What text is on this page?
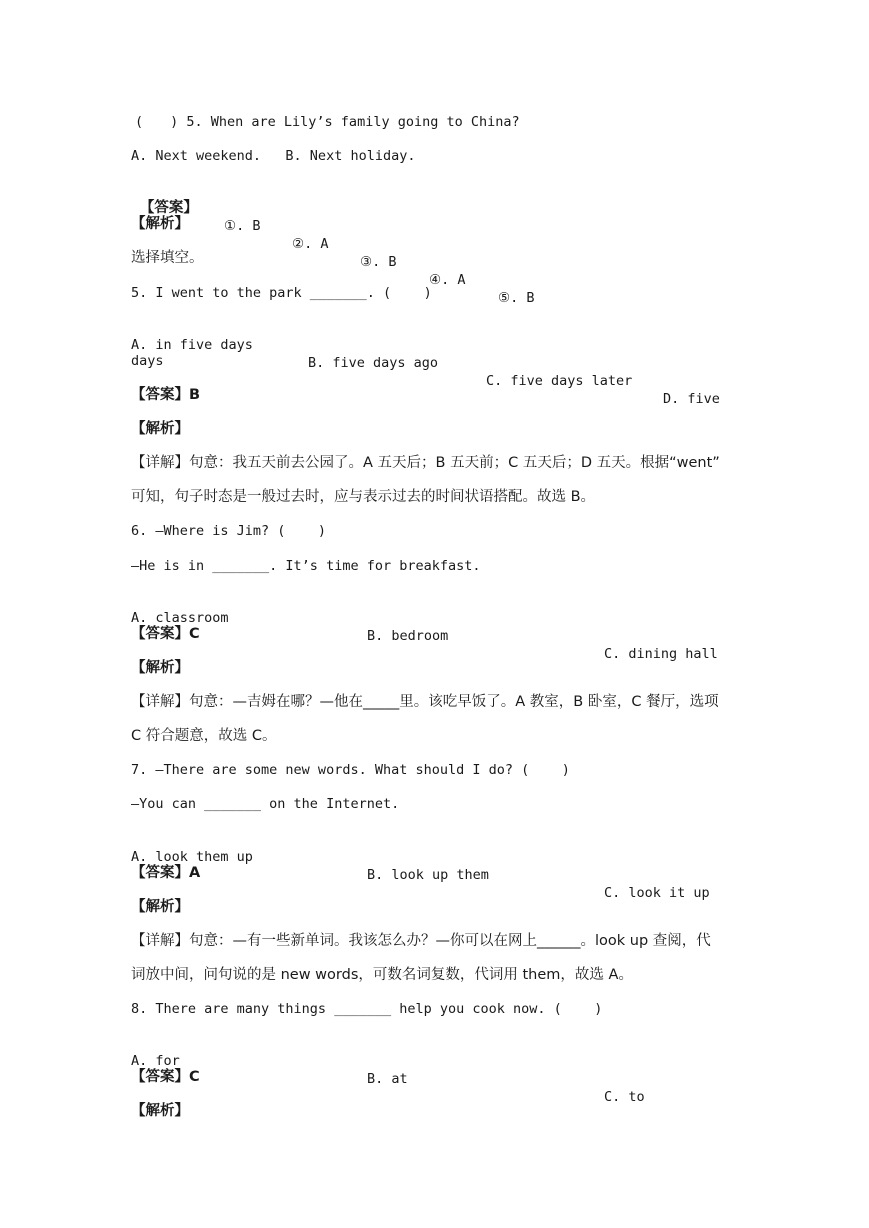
(　　) 5. When are Lily’s family going to China?
A. Next weekend.   B. Next holiday.

【答案】

①. B

②. A

③. B

④. A

⑤. B

【解析】
选择填空。
5. I went to the park _______. (    )

A. in five days

B. five days ago

C. five days later

D. five

days
【答案】B
【解析】
【详解】句意：我五天前去公园了。A 五天后；B 五天前；C 五天后；D 五天。根据“went”
可知，句子时态是一般过去时，应与表示过去的时间状语搭配。故选 B。
6. —Where is Jim? (    )
—He is in _______. It’s time for breakfast.

A. classroom

B. bedroom

C. dining hall

【答案】C
【解析】
【详解】句意：—吉姆在哪？—他在_____里。该吃早饭了。A 教室，B 卧室，C 餐厅，选项
C 符合题意，故选 C。
7. —There are some new words. What should I do? (    )
—You can _______ on the Internet.

A. look them up

B. look up them

C. look it up

【答案】A
【解析】
【详解】句意：—有一些新单词。我该怎么办？—你可以在网上______。look up 查阅，代
词放中间，问句说的是 new words，可数名词复数，代词用 them，故选 A。
8. There are many things _______ help you cook now. (    )

A. for

B. at

C. to

【答案】C
【解析】
